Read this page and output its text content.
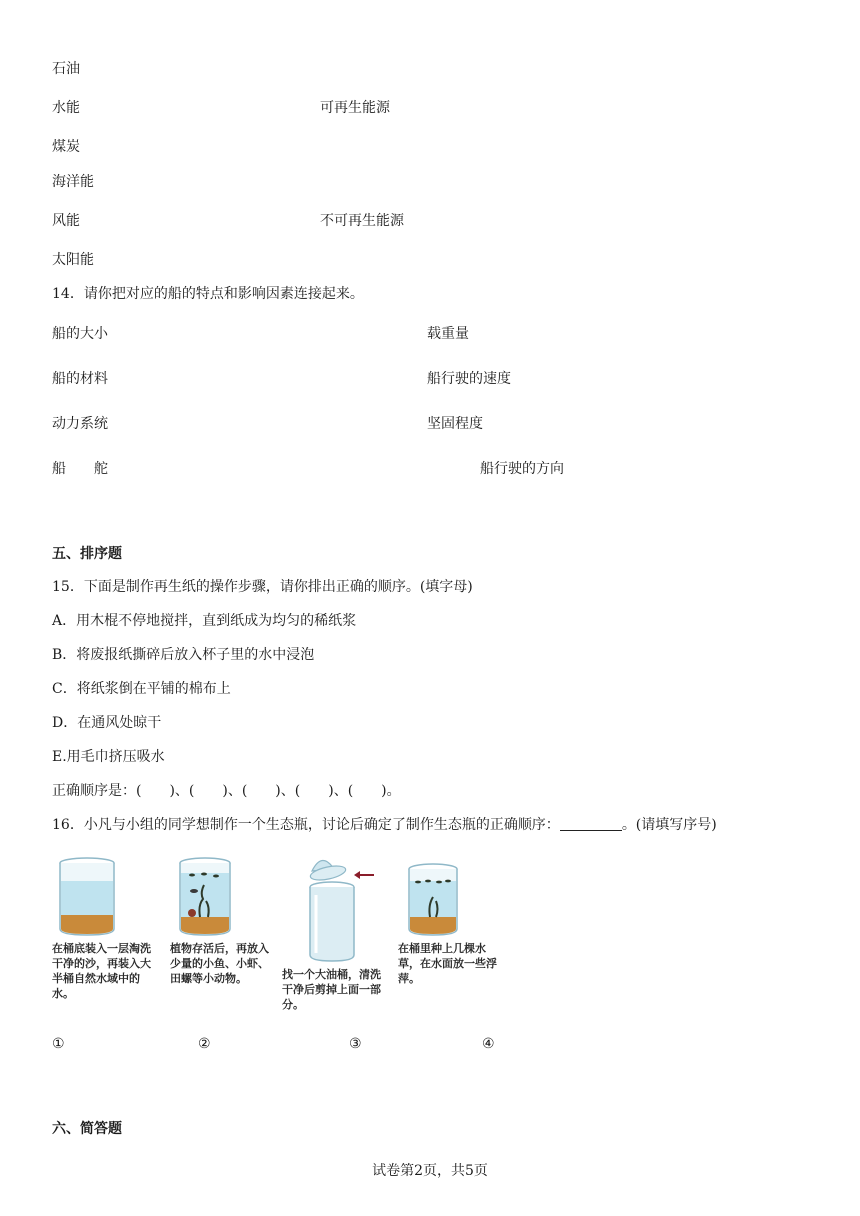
石油
水能	可再生能源
煤炭
海洋能
风能	不可再生能源
太阳能
14．请你把对应的船的特点和影响因素连接起来。
船的大小	载重量
船的材料	船行驶的速度
动力系统	坚固程度
船　　舵	船行驶的方向
五、排序题
15．下面是制作再生纸的操作步骤，请你排出正确的顺序。(填字母)
A．用木棍不停地搅拌，直到纸成为均匀的稀纸浆
B．将废报纸撕碎后放入杯子里的水中浸泡
C．将纸浆倒在平铺的棉布上
D．在通风处晾干
E.用毛巾挤压吸水
正确顺序是：(　　)、(　　)、(　　)、(　　)、(　　)。
16．小凡与小组的同学想制作一个生态瓶，讨论后确定了制作生态瓶的正确顺序：	。(请填写序号)
在桶底装入一层淘洗干净的沙，再装入大半桶自然水域中的水。
植物存活后，再放入少量的小鱼、小虾、田螺等小动物。	找一个大油桶，清洗干净后剪掉上面一部分。
在桶里种上几棵水草，在水面放一些浮萍。
①	②	③	④
六、简答题
试卷第2页，共5页
